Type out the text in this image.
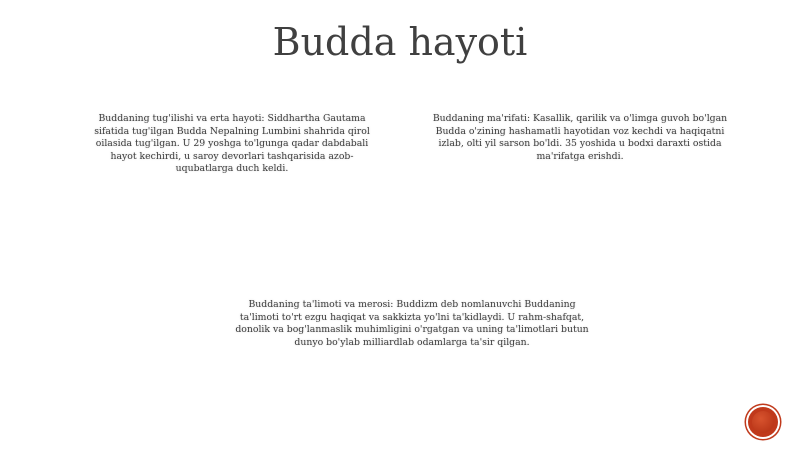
Budda hayoti

Buddaning tug'ilishi va erta hayoti: Siddhartha Gautama sifatida tug'ilgan Budda Nepalning Lumbini shahrida qirol oilasida tug'ilgan. U 29 yoshga to'lgunga qadar dabdabali hayot kechirdi, u saroy devorlari tashqarisida azob-uqubatlarga duch keldi.

Buddaning ma'rifati: Kasallik, qarilik va o'limga guvoh bo'lgan Budda o'zining hashamatli hayotidan voz kechdi va haqiqatni izlab, olti yil sarson bo'ldi. 35 yoshida u bodxi daraxti ostida ma'rifatga erishdi.

Buddaning ta'limoti va merosi: Buddizm deb nomlanuvchi Buddaning ta'limoti to'rt ezgu haqiqat va sakkizta yo'lni ta'kidlaydi. U rahm-shafqat, donolik va bog'lanmaslik muhimligini o'rgatgan va uning ta'limotlari butun dunyo bo'ylab milliardlab odamlarga ta'sir qilgan.
